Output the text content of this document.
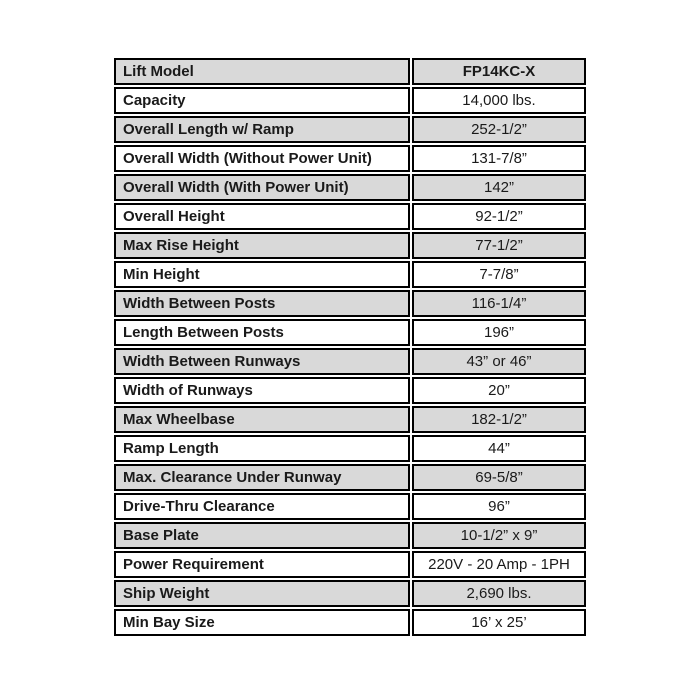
Lift Model	FP14KC-X
Capacity	14,000 lbs.
Overall Length w/ Ramp	252-1/2”
Overall Width (Without Power Unit)	131-7/8”
Overall Width (With Power Unit)	142”
Overall Height	92-1/2”
Max Rise Height	77-1/2”
Min Height	7-7/8”
Width Between Posts	116-1/4”
Length Between Posts	196”
Width Between Runways	43” or 46”
Width of Runways	20”
Max Wheelbase	182-1/2”
Ramp Length	44”
Max. Clearance Under Runway	69-5/8”
Drive-Thru Clearance	96”
Base Plate	10-1/2” x 9”
Power Requirement	220V - 20 Amp - 1PH
Ship Weight	2,690 lbs.
Min Bay Size	16’ x 25’
